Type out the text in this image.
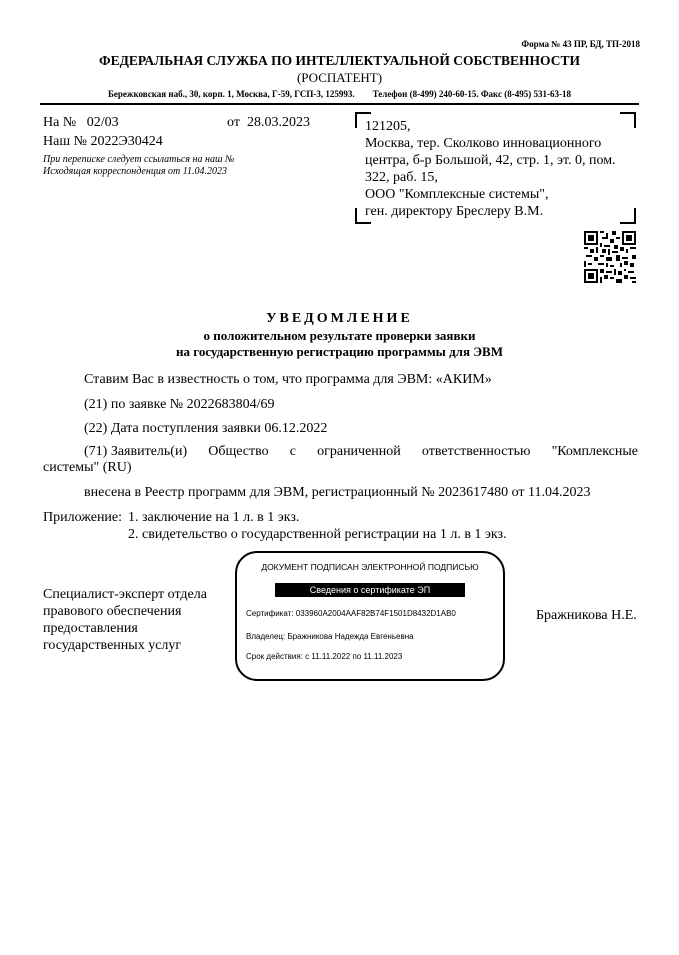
Форма № 43 ПР, БД, ТП-2018
ФЕДЕРАЛЬНАЯ СЛУЖБА ПО ИНТЕЛЛЕКТУАЛЬНОЙ СОБСТВЕННОСТИ
(РОСПАТЕНТ)
Бережковская наб., 30, корп. 1, Москва, Г-59, ГСП-3, 125993. Телефон (8-499) 240-60-15. Факс (8-495) 531-63-18
На № 02/03	от 28.03.2023
Наш № 2022Э30424
При переписке следует ссылаться на наш №
Исходящая корреспонденция от 11.04.2023
121205,
Москва, тер. Сколково инновационного центра, б-р Большой, 42, стр. 1, эт. 0, пом. 322, раб. 15,
ООО "Комплексные системы",
ген. директору Бреслеру В.М.
УВЕДОМЛЕНИЕ
о положительном результате проверки заявки
на государственную регистрацию программы для ЭВМ
Ставим Вас в известность о том, что программа для ЭВМ: «АКИМ»
(21) по заявке № 2022683804/69
(22) Дата поступления заявки 06.12.2022
(71) Заявитель(и) Общество с ограниченной ответственностью "Комплексные
системы" (RU)
внесена в Реестр программ для ЭВМ, регистрационный № 2023617480 от 11.04.2023
Приложение: 1. заключение на 1 л. в 1 экз.
2. свидетельство о государственной регистрации на 1 л. в 1 экз.
Специалист-эксперт отдела правового обеспечения предоставления государственных услуг
ДОКУМЕНТ ПОДПИСАН ЭЛЕКТРОННОЙ ПОДПИСЬЮ
Сведения о сертификате ЭП
Сертификат: 033960A2004AAF82B74F1501D8432D1AB0
Владелец: Бражникова Надежда Евгеньевна
Срок действия: с 11.11.2022 по 11.11.2023
Бражникова Н.Е.
